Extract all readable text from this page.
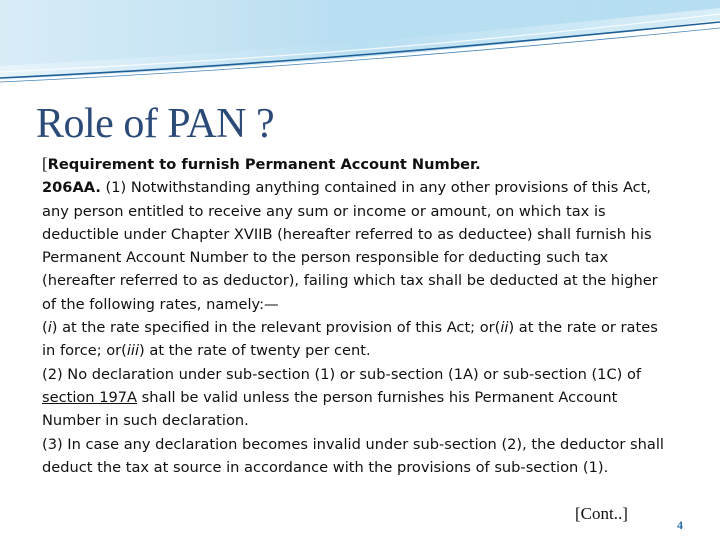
Role of PAN ?

[Requirement to furnish Permanent Account Number.

206AA. (1) Notwithstanding anything contained in any other provisions of this Act, any person entitled to receive any sum or income or amount, on which tax is deductible under Chapter XVIIB (hereafter referred to as deductee) shall furnish his Permanent Account Number to the person responsible for deducting such tax (hereafter referred to as deductor), failing which tax shall be deducted at the higher of the following rates, namely:—

(i) at the rate specified in the relevant provision of this Act; or(ii) at the rate or rates in force; or(iii) at the rate of twenty per cent.

(2) No declaration under sub-section (1) or sub-section (1A) or sub-section (1C) of section 197A shall be valid unless the person furnishes his Permanent Account Number in such declaration.

(3) In case any declaration becomes invalid under sub-section (2), the deductor shall deduct the tax at source in accordance with the provisions of sub-section (1).

[Cont..]
4
